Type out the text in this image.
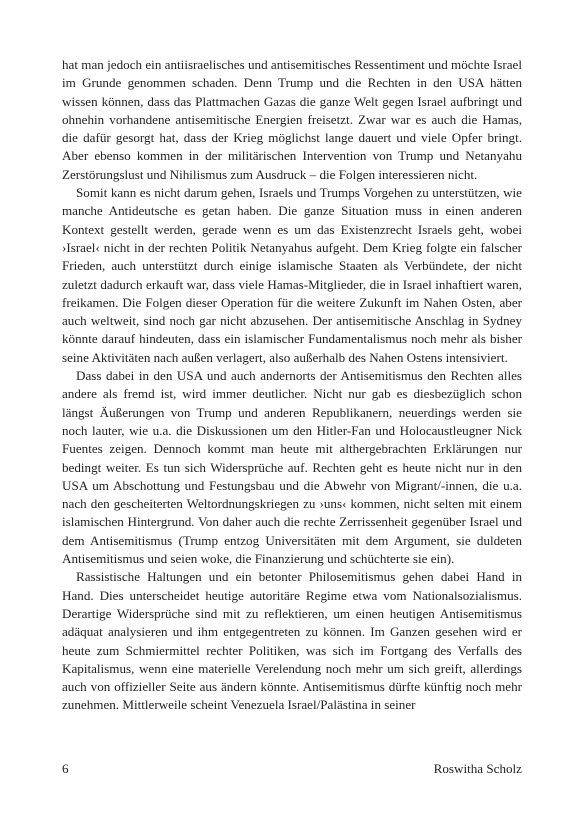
hat man jedoch ein antiisraelisches und antisemitisches Ressentiment und möchte Israel im Grunde genommen schaden. Denn Trump und die Rechten in den USA hätten wissen können, dass das Plattmachen Gazas die ganze Welt gegen Israel aufbringt und ohnehin vorhandene antisemitische Energien freisetzt. Zwar war es auch die Hamas, die dafür gesorgt hat, dass der Krieg möglichst lange dauert und viele Opfer bringt. Aber ebenso kommen in der militärischen Intervention von Trump und Netanyahu Zerstörungslust und Nihilismus zum Ausdruck – die Folgen interessieren nicht.

Somit kann es nicht darum gehen, Israels und Trumps Vorgehen zu unterstützen, wie manche Antideutsche es getan haben. Die ganze Situation muss in einen anderen Kontext gestellt werden, gerade wenn es um das Existenzrecht Israels geht, wobei ›Israel‹ nicht in der rechten Politik Netanyahus aufgeht. Dem Krieg folgte ein falscher Frieden, auch unterstützt durch einige islamische Staaten als Verbündete, der nicht zuletzt dadurch erkauft war, dass viele Hamas-Mitglieder, die in Israel inhaftiert waren, freikamen. Die Folgen dieser Operation für die weitere Zukunft im Nahen Osten, aber auch weltweit, sind noch gar nicht abzusehen. Der antisemitische Anschlag in Sydney könnte darauf hindeuten, dass ein islamischer Fundamentalismus noch mehr als bisher seine Aktivitäten nach außen verlagert, also außerhalb des Nahen Ostens intensiviert.

Dass dabei in den USA und auch andernorts der Antisemitismus den Rechten alles andere als fremd ist, wird immer deutlicher. Nicht nur gab es diesbezüglich schon längst Äußerungen von Trump und anderen Republikanern, neuerdings werden sie noch lauter, wie u.a. die Diskussionen um den Hitler-Fan und Holocaustleugner Nick Fuentes zeigen. Dennoch kommt man heute mit althergebrachten Erklärungen nur bedingt weiter. Es tun sich Widersprüche auf. Rechten geht es heute nicht nur in den USA um Abschottung und Festungsbau und die Abwehr von Migrant/-innen, die u.a. nach den gescheiterten Weltordnungskriegen zu ›uns‹ kommen, nicht selten mit einem islamischen Hintergrund. Von daher auch die rechte Zerrissenheit gegenüber Israel und dem Antisemitismus (Trump entzog Universitäten mit dem Argument, sie duldeten Antisemitismus und seien woke, die Finanzierung und schüchterte sie ein).

Rassistische Haltungen und ein betonter Philosemitismus gehen dabei Hand in Hand. Dies unterscheidet heutige autoritäre Regime etwa vom Nationalsozialismus. Derartige Widersprüche sind mit zu reflektieren, um einen heutigen Antisemitismus adäquat analysieren und ihm entgegentreten zu können. Im Ganzen gesehen wird er heute zum Schmiermittel rechter Politiken, was sich im Fortgang des Verfalls des Kapitalismus, wenn eine materielle Verelendung noch mehr um sich greift, allerdings auch von offizieller Seite aus ändern könnte. Antisemitismus dürfte künftig noch mehr zunehmen. Mittlerweile scheint Venezuela Israel/Palästina in seiner

6	Roswitha Scholz
